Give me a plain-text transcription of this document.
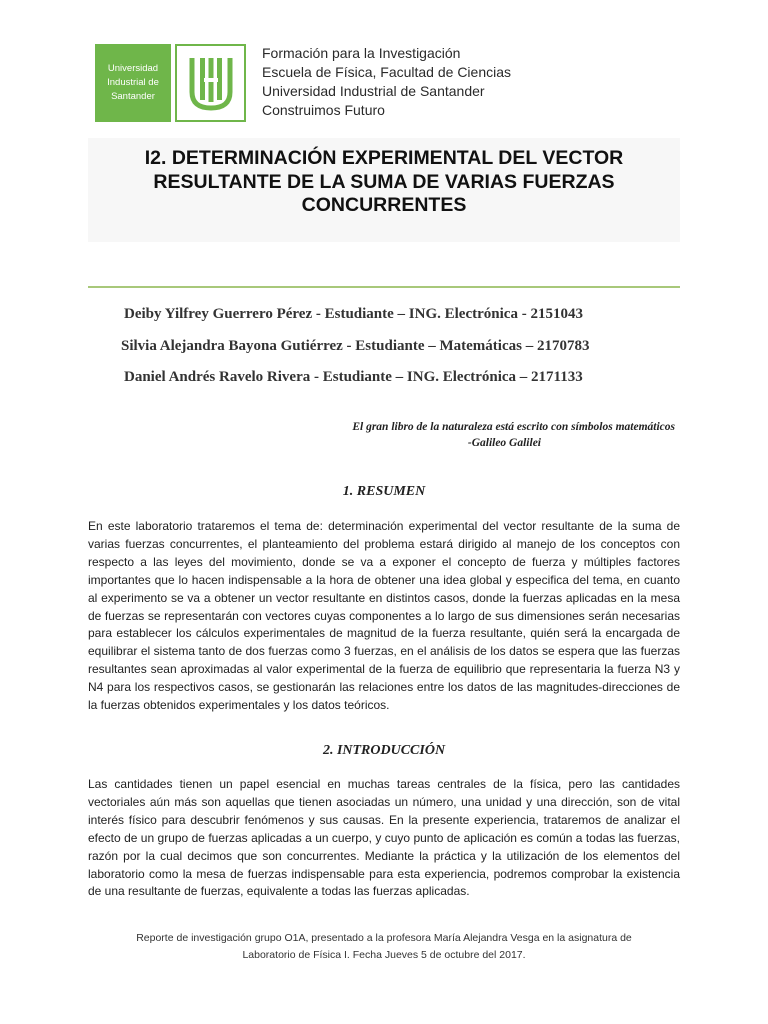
Universidad
Industrial de
Santander
Formación para la Investigación
Escuela de Física, Facultad de Ciencias
Universidad Industrial de Santander
Construimos Futuro
I2. DETERMINACIÓN EXPERIMENTAL DEL VECTOR
RESULTANTE DE LA SUMA DE VARIAS FUERZAS
CONCURRENTES
Deiby Yilfrey Guerrero Pérez - Estudiante – ING. Electrónica - 2151043
Silvia Alejandra Bayona Gutiérrez - Estudiante – Matemáticas – 2170783
Daniel Andrés Ravelo Rivera - Estudiante – ING. Electrónica – 2171133
El gran libro de la naturaleza está escrito con símbolos matemáticos
-Galileo Galilei
1. RESUMEN
En este laboratorio trataremos el tema de: determinación experimental del vector resultante de la suma de varias fuerzas concurrentes, el planteamiento del problema estará dirigido al manejo de los conceptos con respecto a las leyes del movimiento, donde se va a exponer el concepto de fuerza y múltiples factores importantes que lo hacen indispensable a la hora de obtener una idea global y especifica del tema, en cuanto al experimento se va a obtener un vector resultante en distintos casos, donde la fuerzas aplicadas en la mesa de fuerzas se representarán con vectores cuyas componentes a lo largo de sus dimensiones serán necesarias para establecer los cálculos experimentales de magnitud de la fuerza resultante, quién será la encargada de equilibrar el sistema tanto de dos fuerzas como 3 fuerzas, en el análisis de los datos se espera que las fuerzas resultantes sean aproximadas al valor experimental de la fuerza de equilibrio que representaria la fuerza N3 y N4 para los respectivos casos, se gestionarán las relaciones entre los datos de las magnitudes-direcciones de la fuerzas obtenidos experimentales y los datos teóricos.
2. INTRODUCCIÓN
Las cantidades tienen un papel esencial en muchas tareas centrales de la física, pero las cantidades vectoriales aún más son aquellas que tienen asociadas un número, una unidad y una dirección, son de vital interés físico para descubrir fenómenos y sus causas. En la presente experiencia, trataremos de analizar el efecto de un grupo de fuerzas aplicadas a un cuerpo, y cuyo punto de aplicación es común a todas las fuerzas, razón por la cual decimos que son concurrentes. Mediante la práctica y la utilización de los elementos del laboratorio como la mesa de fuerzas indispensable para esta experiencia, podremos comprobar la existencia de una resultante de fuerzas, equivalente a todas las fuerzas aplicadas.
Reporte de investigación grupo O1A, presentado a la profesora María Alejandra Vesga en la asignatura de
Laboratorio de Física I. Fecha Jueves 5 de octubre del 2017.
